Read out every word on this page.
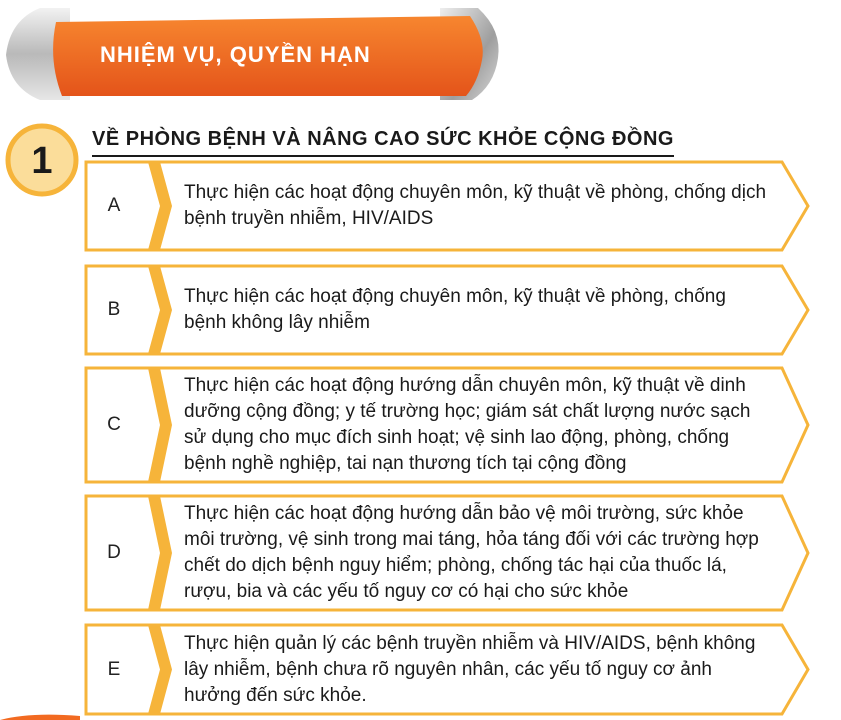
NHIỆM VỤ, QUYỀN HẠN
1
VỀ PHÒNG BỆNH VÀ NÂNG CAO SỨC KHỎE CỘNG ĐỒNG
A
Thực hiện các hoạt động chuyên môn, kỹ thuật về phòng, chống dịch bệnh truyền nhiễm, HIV/AIDS
B
Thực hiện các hoạt động chuyên môn, kỹ thuật về phòng, chống bệnh không lây nhiễm
C
Thực hiện các hoạt động hướng dẫn chuyên môn, kỹ thuật về dinh dưỡng cộng đồng; y tế trường học; giám sát chất lượng nước sạch sử dụng cho mục đích sinh hoạt; vệ sinh lao động, phòng, chống bệnh nghề nghiệp, tai nạn thương tích tại cộng đồng
D
Thực hiện các hoạt động hướng dẫn bảo vệ môi trường, sức khỏe môi trường, vệ sinh trong mai táng, hỏa táng đối với các trường hợp chết do dịch bệnh nguy hiểm; phòng, chống tác hại của thuốc lá, rượu, bia và các yếu tố nguy cơ có hại cho sức khỏe
E
Thực hiện quản lý các bệnh truyền nhiễm và HIV/AIDS, bệnh không lây nhiễm, bệnh chưa rõ nguyên nhân, các yếu tố nguy cơ ảnh hưởng đến sức khỏe.
